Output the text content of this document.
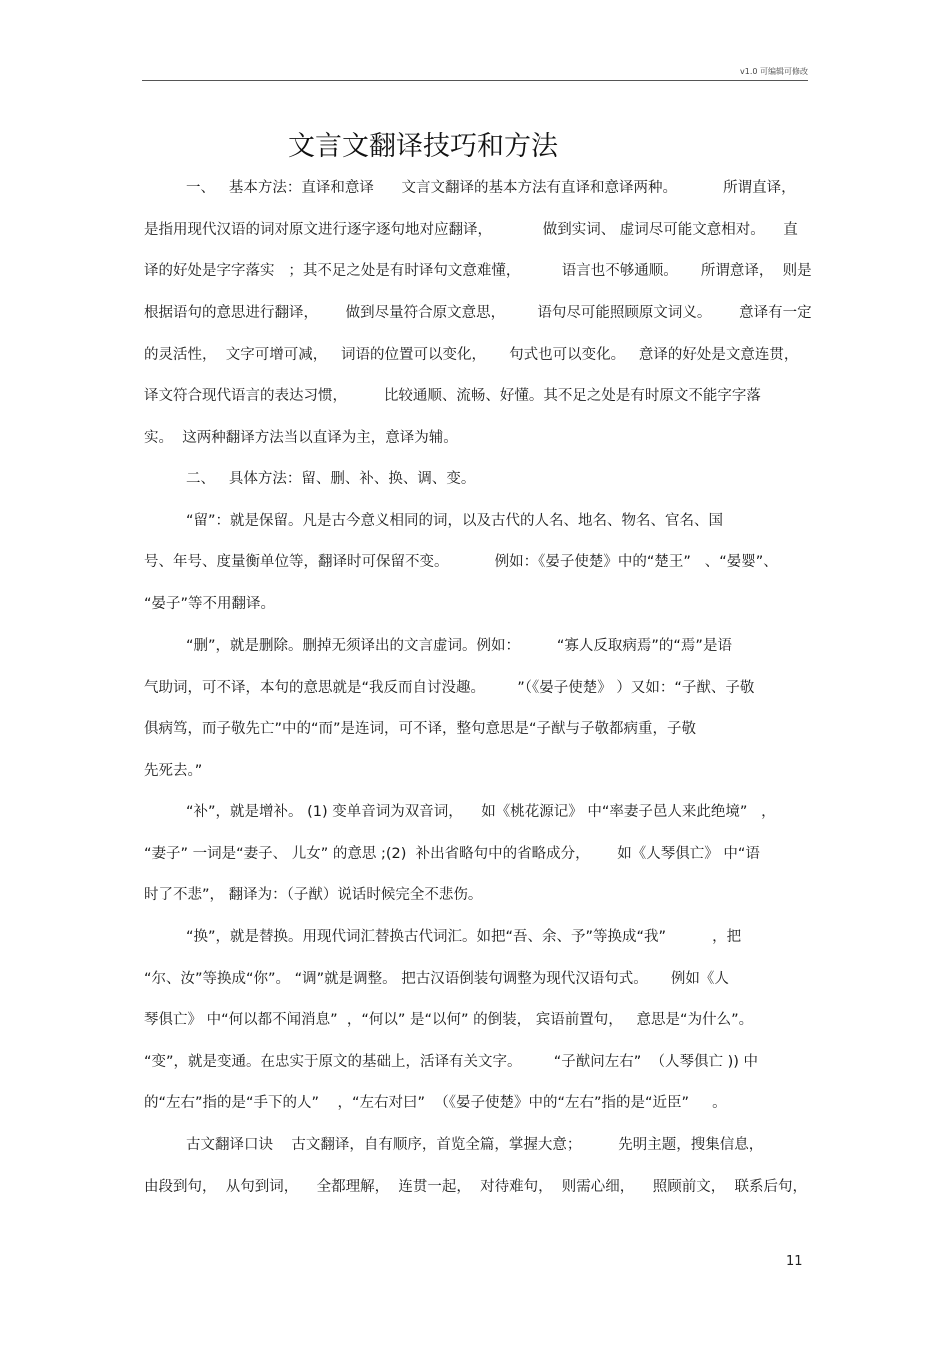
v1.0 可编辑可修改
文言文翻译技巧和方法
一、   基本方法：直译和意译      文言文翻译的基本方法有直译和意译两种。          所谓直译，
是指用现代汉语的词对原文进行逐字逐句地对应翻译，           做到实词、 虚词尽可能文意相对。    直
译的好处是字字落实   ；其不足之处是有时译句文意难懂，         语言也不够通顺。     所谓意译，  则是
根据语句的意思进行翻译，      做到尽量符合原文意思，       语句尽可能照顾原文词义。      意译有一定
的灵活性，  文字可增可减，   词语的位置可以变化，     句式也可以变化。   意译的好处是文意连贯，
译文符合现代语言的表达习惯，        比较通顺、流畅、好懂。其不足之处是有时原文不能字字落
实。  这两种翻译方法当以直译为主，意译为辅。
二、   具体方法：留、删、补、换、调、变。
“留”：就是保留。凡是古今意义相同的词，以及古代的人名、地名、物名、官名、国
号、年号、度量衡单位等，翻译时可保留不变。          例如：《晏子使楚》中的“楚王”   、“晏婴”、
“晏子”等不用翻译。
“删”，就是删除。删掉无须译出的文言虚词。例如：        “寡人反取病焉”的“焉”是语
气助词，可不译，本句的意思就是“我反而自讨没趣。       ”（《晏子使楚》 ）又如：“子猷、子敬
俱病笃，而子敬先亡”中的“而”是连词，可不译，整句意思是“子猷与子敬都病重，子敬
先死去。”
“补”，就是增补。 (1) 变单音词为双音词，    如《桃花源记》 中“率妻子邑人来此绝境”   ，
“妻子” 一词是“妻子、 儿女” 的意思 ;(2)  补出省略句中的省略成分，      如《人琴俱亡》 中“语
时了不悲”， 翻译为：（子猷）说话时候完全不悲伤。
“换”，就是替换。用现代词汇替换古代词汇。如把“吾、余、予”等换成“我”          ，把
“尔、汝”等换成“你”。 “调”就是调整。 把古汉语倒装句调整为现代汉语句式。     例如《人
琴俱亡》 中“何以都不闻消息”  ，“何以” 是“以何” 的倒装， 宾语前置句，   意思是“为什么”。
“变”，就是变通。在忠实于原文的基础上，活译有关文字。       “子猷问左右”  （人琴俱亡 )) 中
的“左右”指的是“手下的人”    ，“左右对曰”  （《晏子使楚》中的“左右”指的是“近臣”     。
古文翻译口诀    古文翻译，自有顺序，首览全篇，掌握大意；        先明主题，搜集信息，
由段到句，  从句到词，    全都理解，  连贯一起，  对待难句，  则需心细，    照顾前文，  联系后句，
11
